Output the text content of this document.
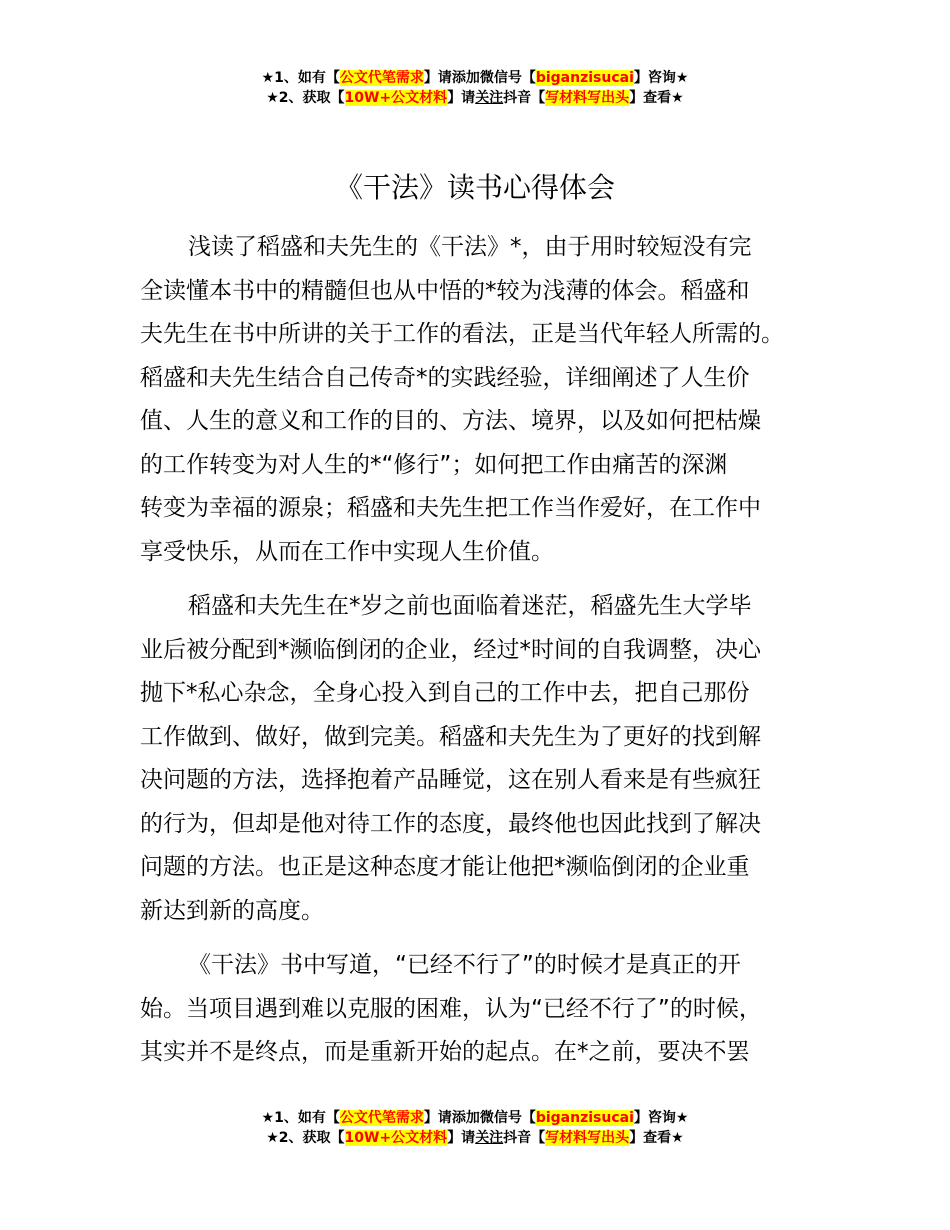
★1、如有【公文代笔需求】请添加微信号【biganzisucai】咨询★
★2、获取【10W+公文材料】请关注抖音【写材料写出头】查看★
《干法》读书心得体会
浅读了稻盛和夫先生的《干法》*，由于用时较短没有完
全读懂本书中的精髓但也从中悟的*较为浅薄的体会。稻盛和
夫先生在书中所讲的关于工作的看法，正是当代年轻人所需的。
稻盛和夫先生结合自己传奇*的实践经验，详细阐述了人生价
值、人生的意义和工作的目的、方法、境界，以及如何把枯燥
的工作转变为对人生的*“修行”；如何把工作由痛苦的深渊
转变为幸福的源泉；稻盛和夫先生把工作当作爱好，在工作中
享受快乐，从而在工作中实现人生价值。
稻盛和夫先生在*岁之前也面临着迷茫，稻盛先生大学毕
业后被分配到*濒临倒闭的企业，经过*时间的自我调整，决心
抛下*私心杂念，全身心投入到自己的工作中去，把自己那份
工作做到、做好，做到完美。稻盛和夫先生为了更好的找到解
决问题的方法，选择抱着产品睡觉，这在别人看来是有些疯狂
的行为，但却是他对待工作的态度，最终他也因此找到了解决
问题的方法。也正是这种态度才能让他把*濒临倒闭的企业重
新达到新的高度。
《干法》书中写道，“已经不行了”的时候才是真正的开
始。当项目遇到难以克服的困难，认为“已经不行了”的时候，
其实并不是终点，而是重新开始的起点。在*之前，要决不罢
★1、如有【公文代笔需求】请添加微信号【biganzisucai】咨询★
★2、获取【10W+公文材料】请关注抖音【写材料写出头】查看★
